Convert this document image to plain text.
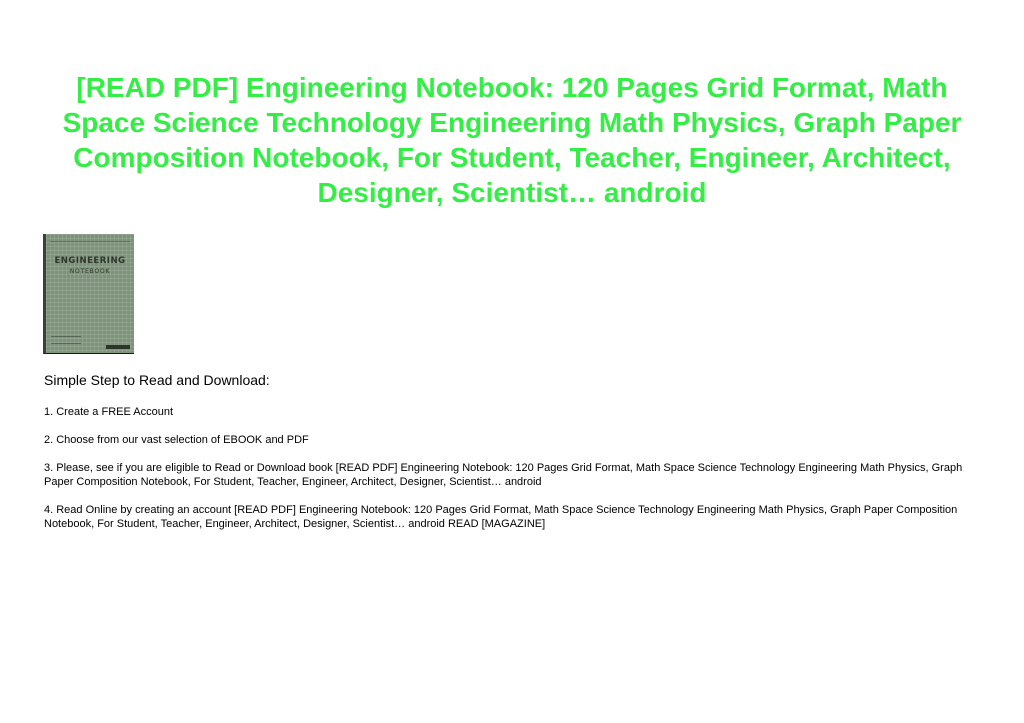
[READ PDF] Engineering Notebook: 120 Pages Grid Format, Math Space Science Technology Engineering Math Physics, Graph Paper Composition Notebook, For Student, Teacher, Engineer, Architect, Designer, Scientist… android
ENGINEERING
NOTEBOOK

Simple Step to Read and Download:

1. Create a FREE Account

2. Choose from our vast selection of EBOOK and PDF

3. Please, see if you are eligible to Read or Download book [READ PDF] Engineering Notebook: 120 Pages Grid Format, Math Space Science Technology Engineering Math Physics, Graph Paper Composition Notebook, For Student, Teacher, Engineer, Architect, Designer, Scientist… android

4. Read Online by creating an account [READ PDF] Engineering Notebook: 120 Pages Grid Format, Math Space Science Technology Engineering Math Physics, Graph Paper Composition Notebook, For Student, Teacher, Engineer, Architect, Designer, Scientist… android READ [MAGAZINE]
